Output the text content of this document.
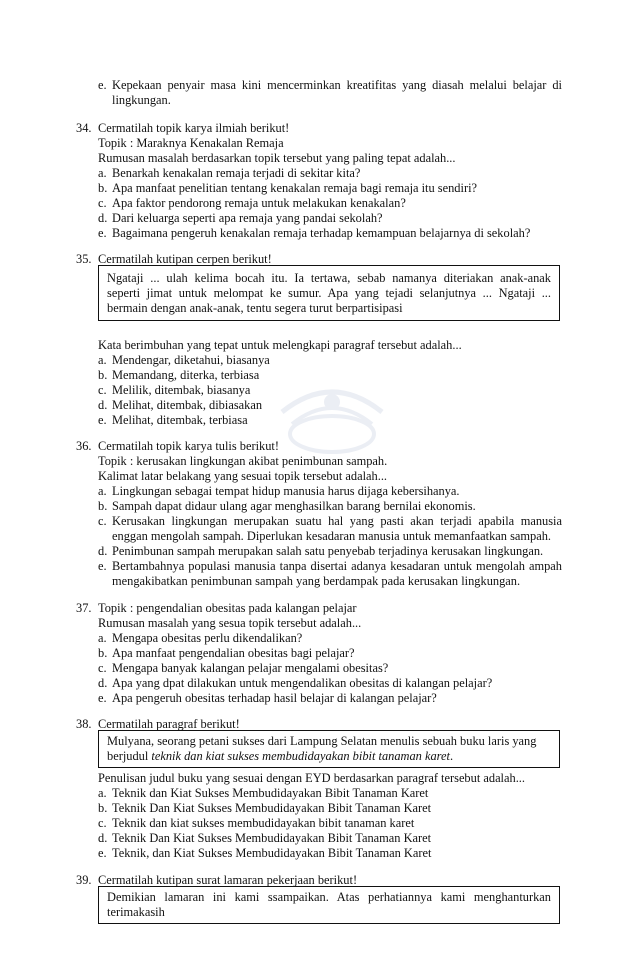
e. Kepekaan penyair masa kini mencerminkan kreatifitas yang diasah melalui belajar di
lingkungan.
34. Cermatilah topik karya ilmiah berikut!
Topik : Maraknya Kenakalan Remaja
Rumusan masalah berdasarkan topik tersebut yang paling tepat adalah...
a. Benarkah kenakalan remaja terjadi di sekitar kita?
b. Apa manfaat penelitian tentang kenakalan remaja bagi remaja itu sendiri?
c. Apa faktor pendorong remaja untuk melakukan kenakalan?
d. Dari keluarga seperti apa remaja yang pandai sekolah?
e. Bagaimana pengeruh kenakalan remaja terhadap kemampuan belajarnya di sekolah?
35. Cermatilah kutipan cerpen berikut!
Ngataji ... ulah kelima bocah itu. Ia tertawa, sebab namanya diteriakan anak-anak
seperti jimat untuk melompat ke sumur. Apa yang tejadi selanjutnya ... Ngataji ...
bermain dengan anak-anak, tentu segera turut berpartisipasi
Kata berimbuhan yang tepat untuk melengkapi paragraf tersebut adalah...
a. Mendengar, diketahui, biasanya
b. Memandang, diterka, terbiasa
c. Melilik, ditembak, biasanya
d. Melihat, ditembak, dibiasakan
e. Melihat, ditembak, terbiasa
36. Cermatilah topik karya tulis berikut!
Topik : kerusakan lingkungan akibat penimbunan sampah.
Kalimat latar belakang yang sesuai topik tersebut adalah...
a. Lingkungan sebagai tempat hidup manusia harus dijaga kebersihanya.
b. Sampah dapat didaur ulang agar menghasilkan barang bernilai ekonomis.
c. Kerusakan lingkungan merupakan suatu hal yang pasti akan terjadi apabila manusia
enggan mengolah sampah. Diperlukan kesadaran manusia untuk memanfaatkan sampah.
d. Penimbunan sampah merupakan salah satu penyebab terjadinya kerusakan lingkungan.
e. Bertambahnya populasi manusia tanpa disertai adanya kesadaran untuk mengolah ampah
mengakibatkan penimbunan sampah yang berdampak pada kerusakan lingkungan.
37. Topik : pengendalian obesitas pada kalangan pelajar
Rumusan masalah yang sesua topik tersebut adalah...
a. Mengapa obesitas perlu dikendalikan?
b. Apa manfaat pengendalian obesitas bagi pelajar?
c. Mengapa banyak kalangan pelajar mengalami obesitas?
d. Apa yang dpat dilakukan untuk mengendalikan obesitas di kalangan pelajar?
e. Apa pengeruh obesitas terhadap hasil belajar di kalangan pelajar?
38. Cermatilah paragraf berikut!
Mulyana, seorang petani sukses dari Lampung Selatan menulis sebuah buku laris yang
berjudul teknik dan kiat sukses membudidayakan bibit tanaman karet.
Penulisan judul buku yang sesuai dengan EYD berdasarkan paragraf tersebut adalah...
a. Teknik dan Kiat Sukses Membudidayakan Bibit Tanaman Karet
b. Teknik Dan Kiat Sukses Membudidayakan Bibit Tanaman Karet
c. Teknik dan kiat sukses membudidayakan bibit tanaman karet
d. Teknik Dan Kiat Sukses Membudidayakan Bibit Tanaman Karet
e. Teknik, dan Kiat Sukses Membudidayakan Bibit Tanaman Karet
39. Cermatilah kutipan surat lamaran pekerjaan berikut!
Demikian lamaran ini kami ssampaikan. Atas perhatiannya kami menghanturkan
terimakasih
